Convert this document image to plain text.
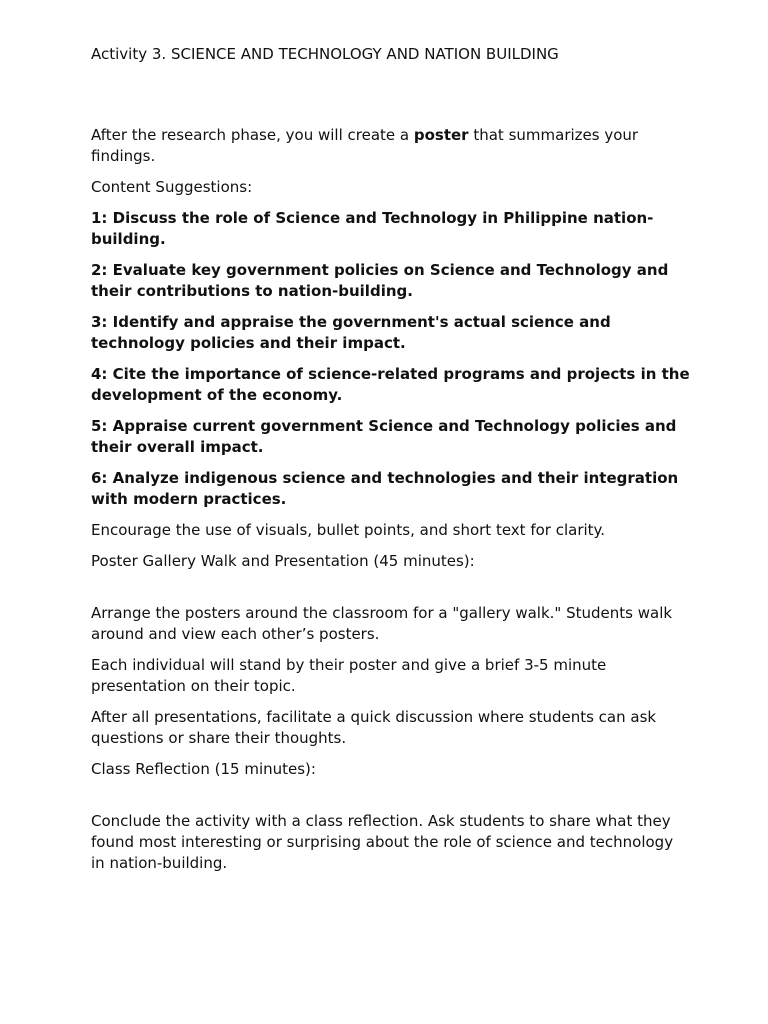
Activity 3. SCIENCE AND TECHNOLOGY AND NATION BUILDING

After the research phase, you will create a poster that summarizes your findings.

Content Suggestions:

1: Discuss the role of Science and Technology in Philippine nation-building.

2: Evaluate key government policies on Science and Technology and their contributions to nation-building.

3: Identify and appraise the government's actual science and technology policies and their impact.

4: Cite the importance of science-related programs and projects in the development of the economy.

5: Appraise current government Science and Technology policies and their overall impact.

6: Analyze indigenous science and technologies and their integration with modern practices.

Encourage the use of visuals, bullet points, and short text for clarity.

Poster Gallery Walk and Presentation (45 minutes):

Arrange the posters around the classroom for a "gallery walk." Students walk around and view each other’s posters.

Each individual will stand by their poster and give a brief 3-5 minute presentation on their topic.

After all presentations, facilitate a quick discussion where students can ask questions or share their thoughts.

Class Reflection (15 minutes):

Conclude the activity with a class reflection. Ask students to share what they found most interesting or surprising about the role of science and technology in nation-building.
